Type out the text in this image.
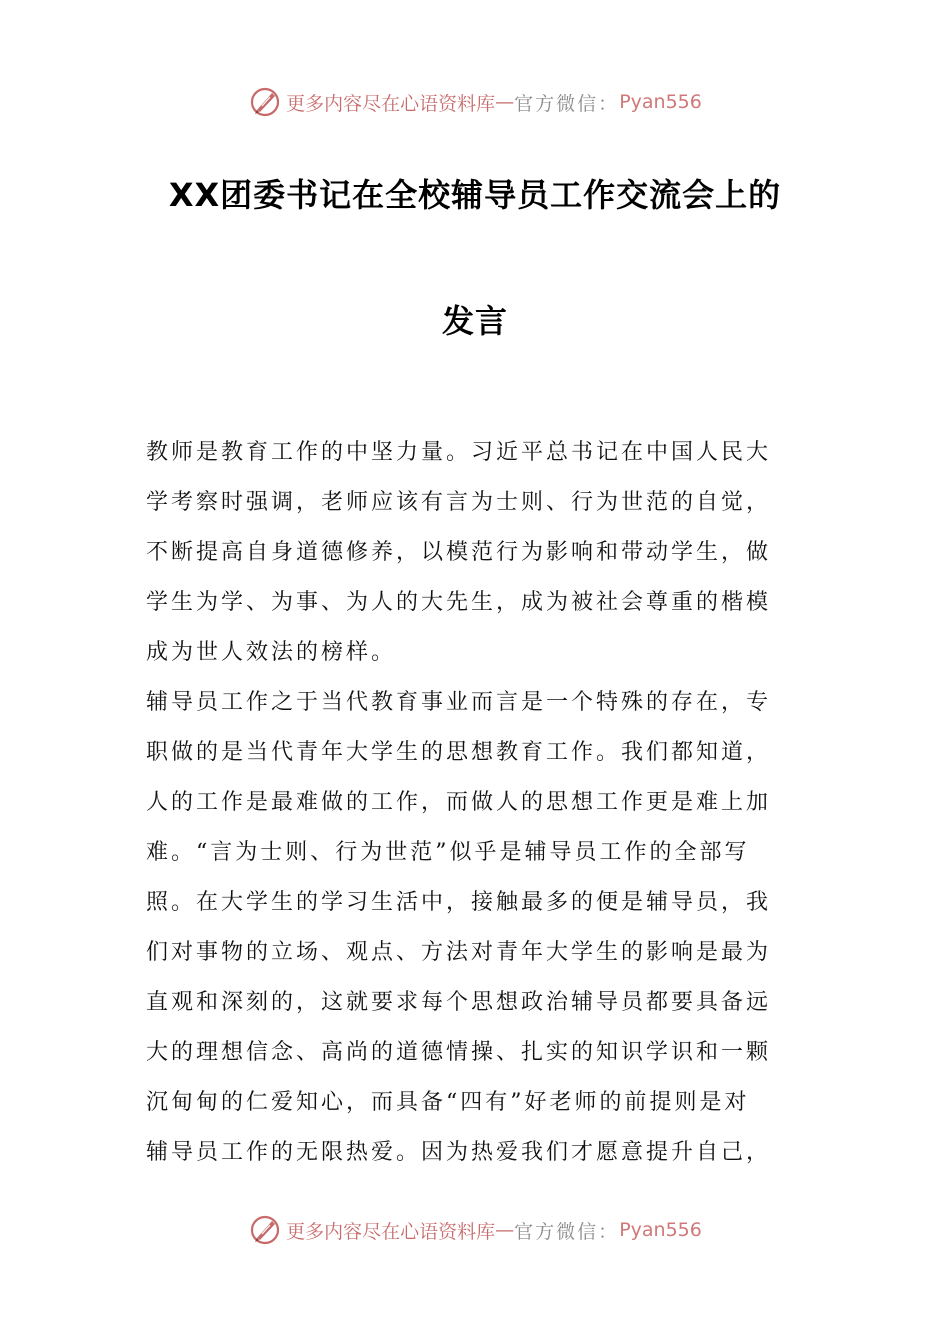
更多内容尽在心语资料库 — 官方微信： Pyan556
XX团委书记在全校辅导员工作交流会上的
发言

教师是教育工作的中坚力量。习近平总书记在中国人民大

学考察时强调，老师应该有言为士则、行为世范的自觉，

不断提高自身道德修养，以模范行为影响和带动学生，做

学生为学、为事、为人的大先生，成为被社会尊重的楷模

成为世人效法的榜样。

辅导员工作之于当代教育事业而言是一个特殊的存在，专

职做的是当代青年大学生的思想教育工作。我们都知道，

人的工作是最难做的工作，而做人的思想工作更是难上加

难。“言为士则、行为世范”似乎是辅导员工作的全部写

照。在大学生的学习生活中，接触最多的便是辅导员，我

们对事物的立场、观点、方法对青年大学生的影响是最为

直观和深刻的，这就要求每个思想政治辅导员都要具备远

大的理想信念、高尚的道德情操、扎实的知识学识和一颗

沉甸甸的仁爱知心，而具备“四有”好老师的前提则是对

辅导员工作的无限热爱。因为热爱我们才愿意提升自己，

更多内容尽在心语资料库 — 官方微信： Pyan556
